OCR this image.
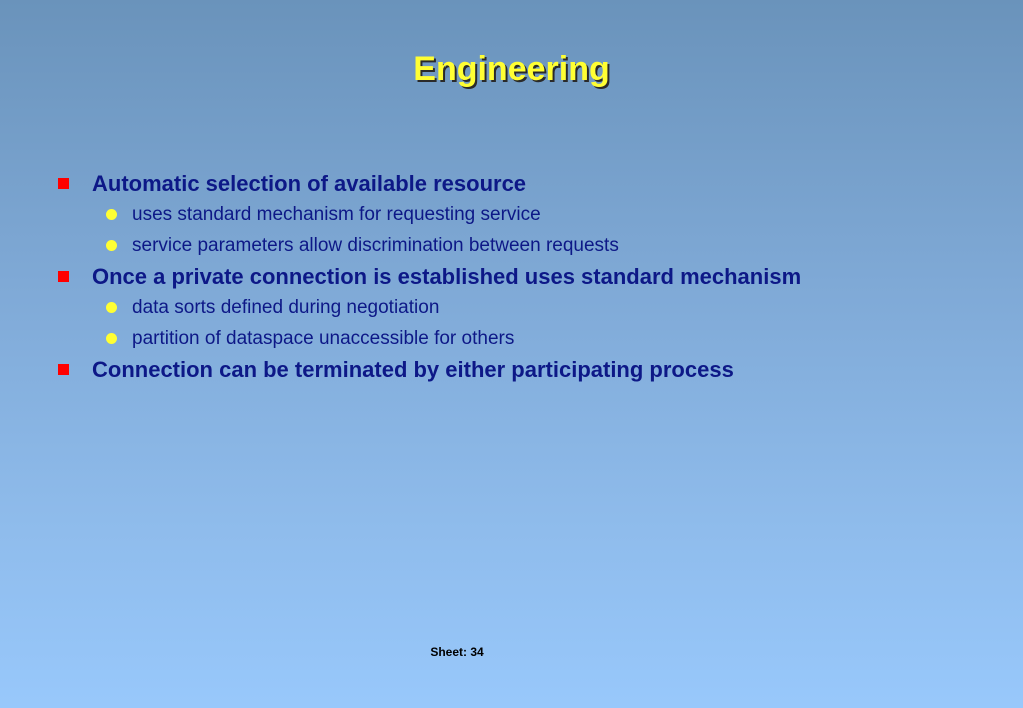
Engineering
Automatic selection of available resource
uses standard mechanism for requesting service
service parameters allow discrimination between requests
Once a private connection is established uses standard mechanism
data sorts defined during negotiation
partition of dataspace unaccessible for others
Connection can be terminated by either participating process
Sheet: 34
